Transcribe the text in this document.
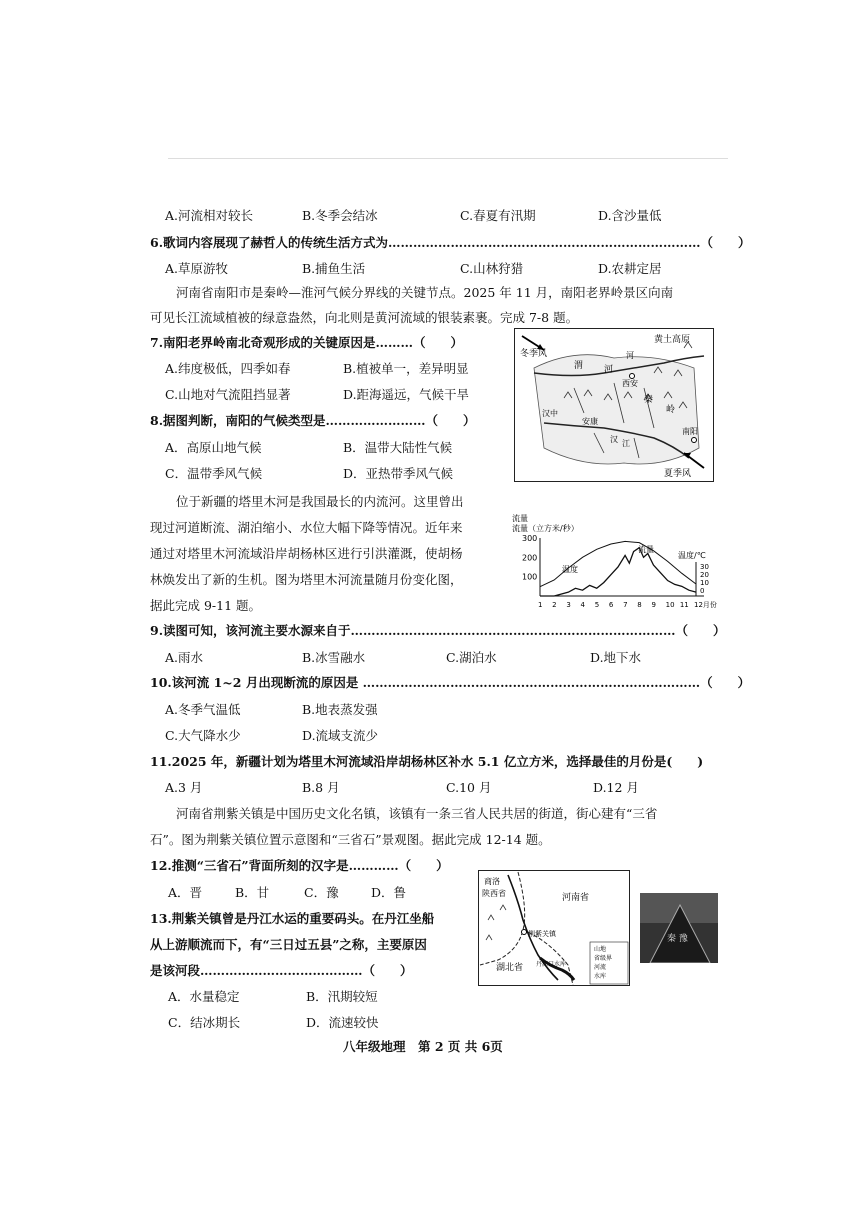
A.河流相对较长	B.冬季会结冰	C.春夏有汛期	D.含沙量低
6.歌词内容展现了赫哲人的传统生活方式为…………………………………………………………………（　　）
A.草原游牧	B.捕鱼生活	C.山林狩猎	D.农耕定居
河南省南阳市是秦岭—淮河气候分界线的关键节点。2025 年 11 月，南阳老界岭景区向南
可见长江流域植被的绿意盎然，向北则是黄河流域的银装素裹。完成 7-8 题。
7.南阳老界岭南北奇观形成的关键原因是………（　　）
A.纬度极低，四季如春	B.植被单一，差异明显
C.山地对气流阻挡显著	D.距海遥远，气候干旱
8.据图判断，南阳的气候类型是……………………（　　）
A．高原山地气候	B．温带大陆性气候
C．温带季风气候	D．亚热带季风气候
冬季风
黄土高原
渭 河
西安
河
秦
岭
汉中
安康
汉 江
南阳
夏季风
位于新疆的塔里木河是我国最长的内流河。这里曾出
现过河道断流、湖泊缩小、水位大幅下降等情况。近年来
通过对塔里木河流域沿岸胡杨林区进行引洪灌溉，使胡杨
林焕发出了新的生机。图为塔里木河流量随月份变化图，
据此完成 9-11 题。
流量
流量（立方米/秒）
温度/℃
300
200
100
30
20
10
0
1 2 3 4 5 6 7 8 9 10 11 12月份
流量
温度
9.读图可知，该河流主要水源来自于……………………………………………………………………（　　）
A.雨水	B.冰雪融水	C.湖泊水	D.地下水
10.该河流 1~2 月出现断流的原因是 ………………………………………………………………………（　　）
A.冬季气温低	B.地表蒸发强
C.大气降水少	D.流域支流少
11.2025 年，新疆计划为塔里木河流域沿岸胡杨林区补水 5.1 亿立方米，选择最佳的月份是(　　)
A.3 月	B.8 月	C.10 月	D.12 月
河南省荆紫关镇是中国历史文化名镇，该镇有一条三省人民共居的街道，街心建有“三省
石”。图为荆紫关镇位置示意图和“三省石”景观图。据此完成 12-14 题。
12.推测“三省石”背面所刻的汉字是…………（　　）
A．晋	B．甘	C．豫	D．鲁
13.荆紫关镇曾是丹江水运的重要码头。在丹江坐船
从上游顺流而下，有“三日过五县”之称，主要原因
是该河段…………………………………（　　）
A．水量稳定	B．汛期较短
C．结冰期长	D．流速较快
商洛
陕西省	河南省
湖北省
荆紫关镇
丹江口水库
山地
省级界
河流
水库
秦 豫
八年级地理　第 2 页 共 6页
